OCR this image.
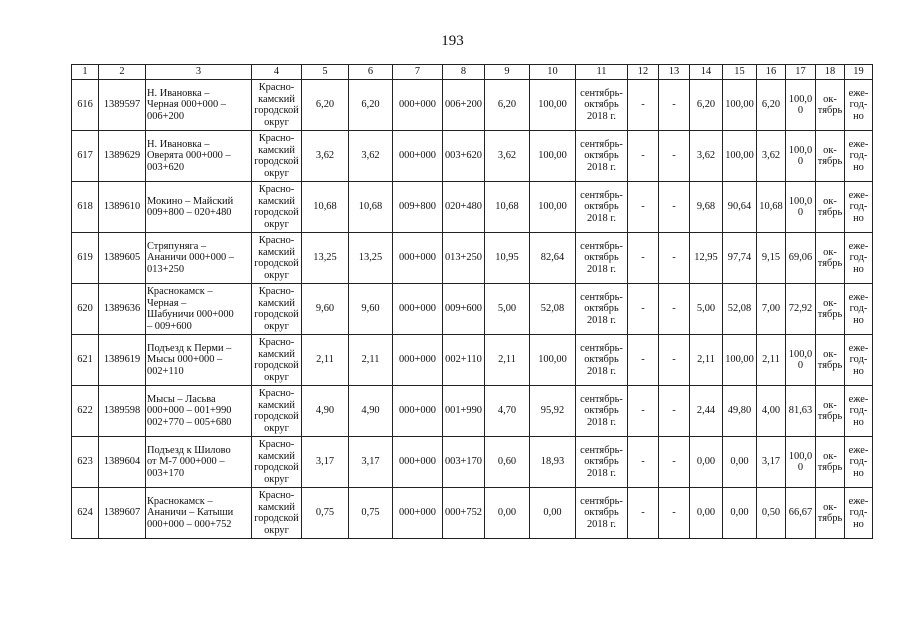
193
1	2	3	4	5	6	7	8	9	10	11	12	13	14	15	16	17	18	19
616	1389597	Н. Ивановка –
Черная 000+000 –
006+200	Красно-
камский
городской
округ	6,20	6,20	000+000	006+200	6,20	100,00	сентябрь-
октябрь
2018 г.	-	-	6,20	100,00	6,20	100,0
0	ок-
тябрь	еже-
год-
но

617	1389629	Н. Ивановка –
Оверята 000+000 –
003+620	Красно-
камский
городской
округ	3,62	3,62	000+000	003+620	3,62	100,00	сентябрь-
октябрь
2018 г.	-	-	3,62	100,00	3,62	100,0
0	ок-
тябрь	еже-
год-
но

618	1389610	Мокино – Майский
009+800 – 020+480	Красно-
камский
городской
округ	10,68	10,68	009+800	020+480	10,68	100,00	сентябрь-
октябрь
2018 г.	-	-	9,68	90,64	10,68	100,0
0	ок-
тябрь	еже-
год-
но

619	1389605	Стряпуняга –
Ананичи 000+000 –
013+250	Красно-
камский
городской
округ	13,25	13,25	000+000	013+250	10,95	82,64	сентябрь-
октябрь
2018 г.	-	-	12,95	97,74	9,15	69,06	ок-
тябрь	еже-
год-
но

620	1389636	Краснокамск –
Черная –
Шабуничи 000+000
– 009+600	Красно-
камский
городской
округ	9,60	9,60	000+000	009+600	5,00	52,08	сентябрь-
октябрь
2018 г.	-	-	5,00	52,08	7,00	72,92	ок-
тябрь	еже-
год-
но

621	1389619	Подъезд к Перми –
Мысы 000+000 –
002+110	Красно-
камский
городской
округ	2,11	2,11	000+000	002+110	2,11	100,00	сентябрь-
октябрь
2018 г.	-	-	2,11	100,00	2,11	100,0
0	ок-
тябрь	еже-
год-
но

622	1389598	Мысы – Ласьва
000+000 – 001+990
002+770 – 005+680	Красно-
камский
городской
округ	4,90	4,90	000+000	001+990	4,70	95,92	сентябрь-
октябрь
2018 г.	-	-	2,44	49,80	4,00	81,63	ок-
тябрь	еже-
год-
но

623	1389604	Подъезд к Шилово
от М-7 000+000 –
003+170	Красно-
камский
городской
округ	3,17	3,17	000+000	003+170	0,60	18,93	сентябрь-
октябрь
2018 г.	-	-	0,00	0,00	3,17	100,0
0	ок-
тябрь	еже-
год-
но

624	1389607	Краснокамск –
Ананичи – Катыши
000+000 – 000+752	Красно-
камский
городской
округ	0,75	0,75	000+000	000+752	0,00	0,00	сентябрь-
октябрь
2018 г.	-	-	0,00	0,00	0,50	66,67	ок-
тябрь	еже-
год-
но
